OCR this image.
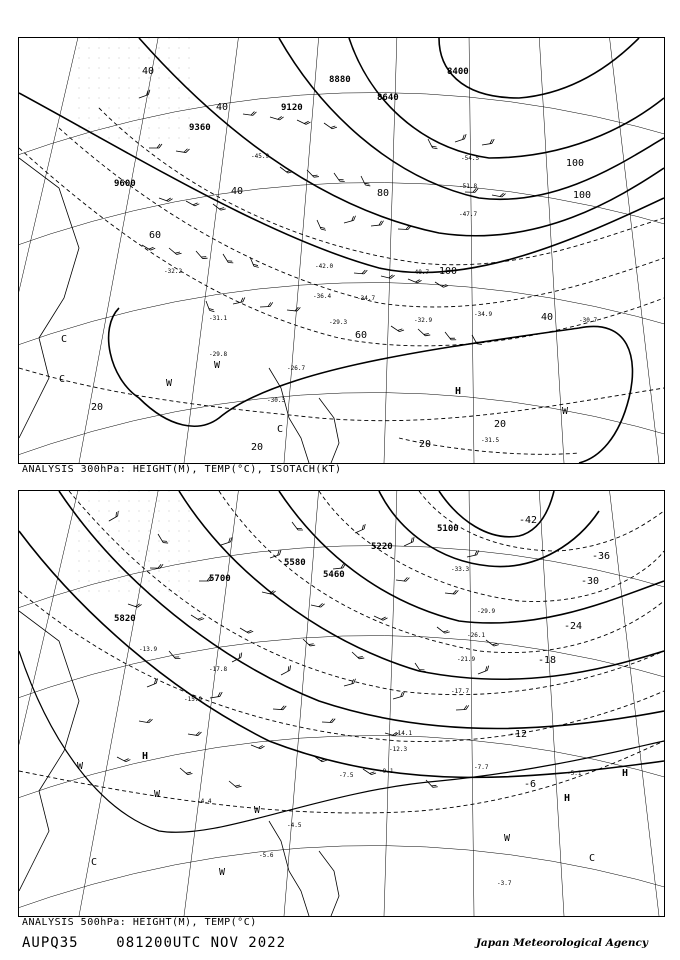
9360
9120
8880
8640
8400
9600
20
20	20
20
40
40
40
40
60
60
80
100
100
100
H
W
W
W
C
C
C
-31.5
-29.8
-26.7
-30.3
-32.2
-34.7
-45.9	-54.5
-51.8
-47.7
-40.7
-42.0
-36.4
-29.3	-32.9
-34.9
-30.7
-31.1
ANALYSIS 300hPa: HEIGHT(M), TEMP(°C), ISOTACH(KT)
5820
5700
5580
5460
5220
5100
-6
-12
-18
-24
-30
-36
-42
H
H
H
W
W
W
W
W
C	C
-4.4
-5.1
-7.7
-7.5
-9.1
-12.3
-14.1
-17.7
-21.9
-26.1
-29.9
-33.3
-3.7
-4.5
-5.6
-15.9
-17.8
-13.9
ANALYSIS 500hPa: HEIGHT(M), TEMP(°C)
AUPQ35	081200UTC NOV 2022	Japan Meteorological Agency
